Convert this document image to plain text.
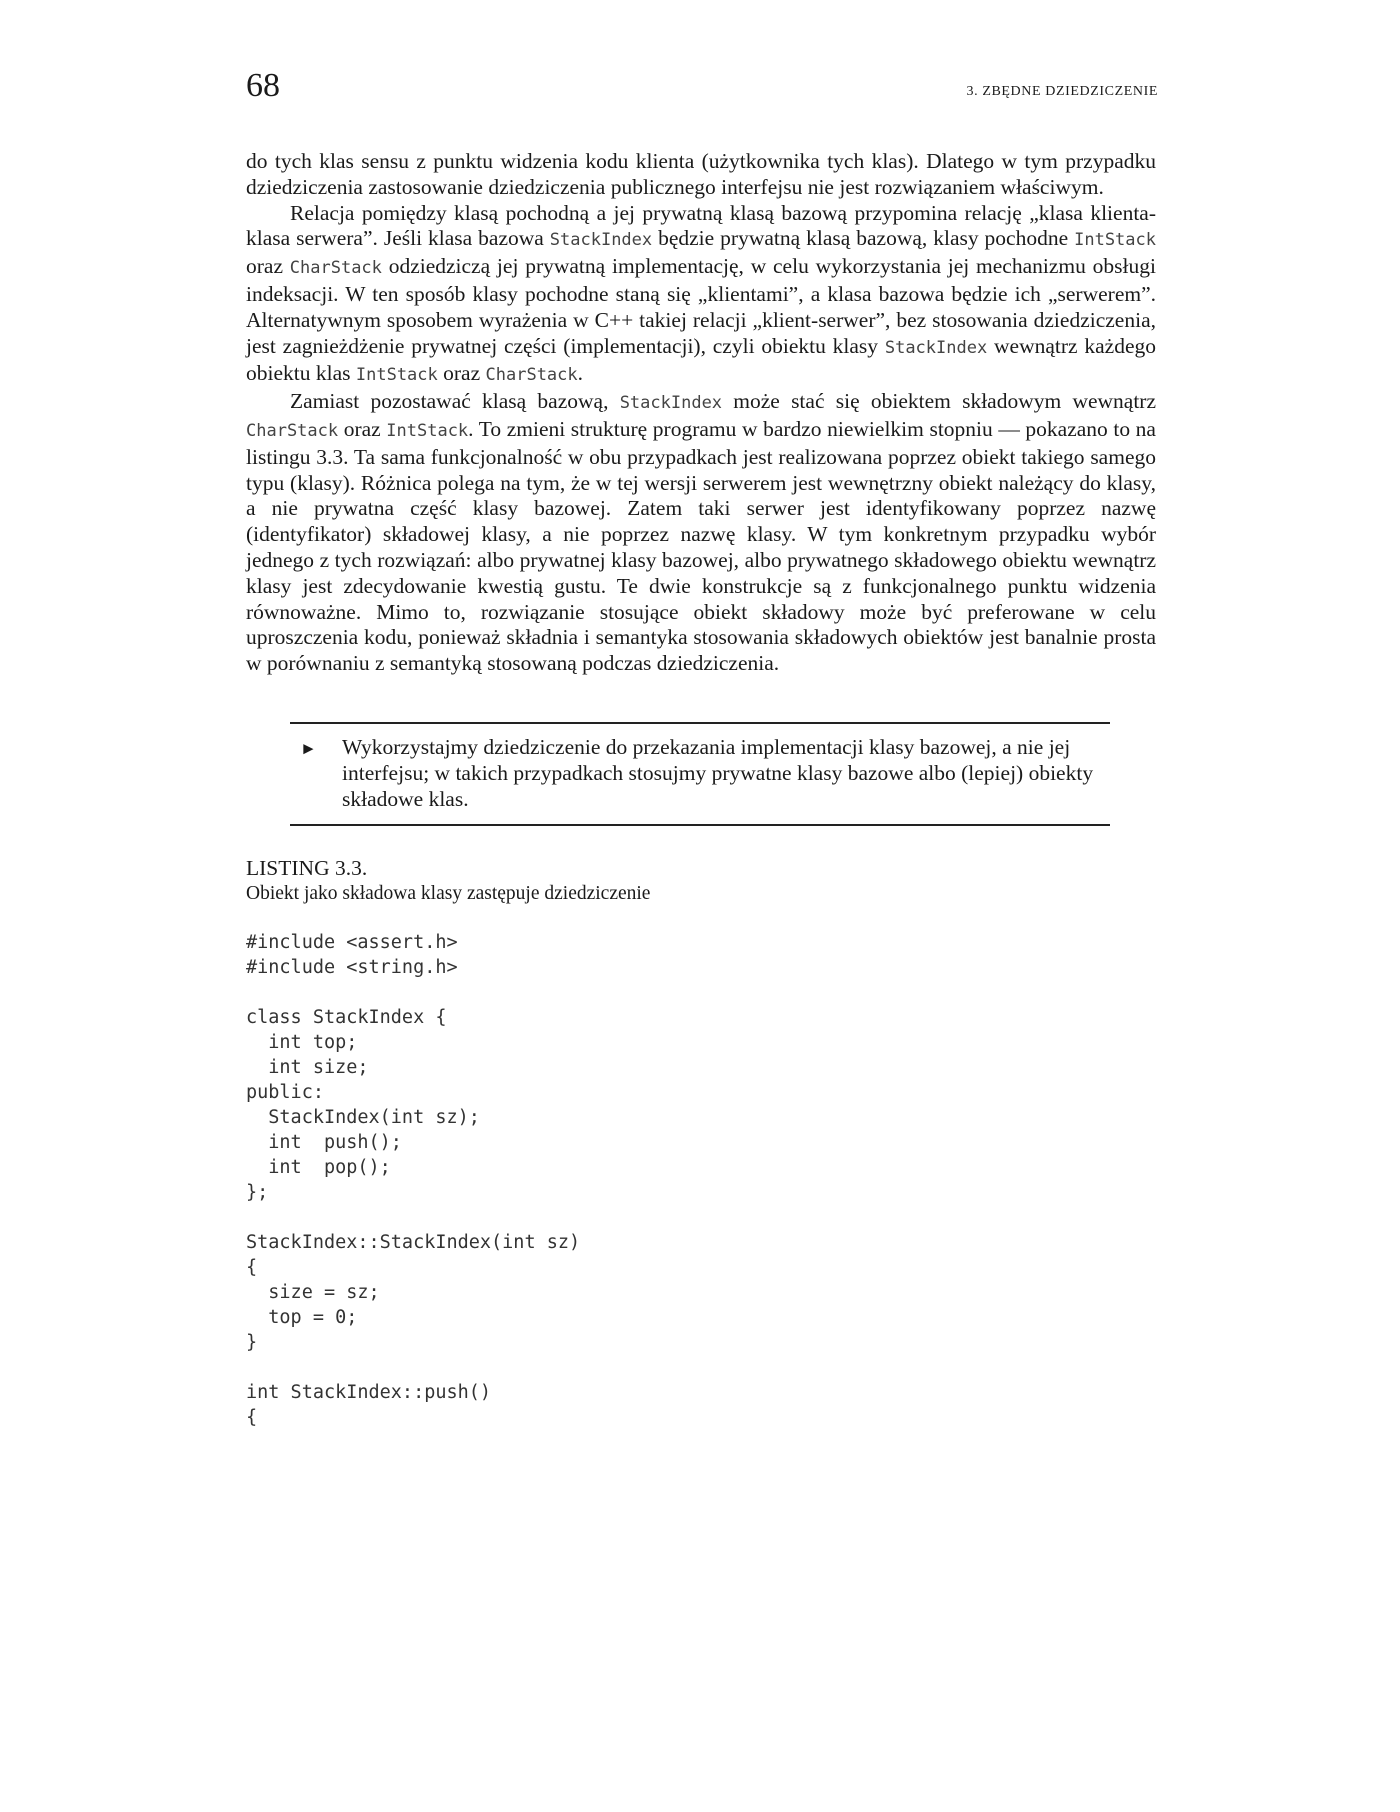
68	3. ZBĘDNE DZIEDZICZENIE

do tych klas sensu z punktu widzenia kodu klienta (użytkownika tych klas). Dlatego w tym przypadku dziedziczenia zastosowanie dziedziczenia publicznego interfejsu nie jest rozwiązaniem właściwym.

Relacja pomiędzy klasą pochodną a jej prywatną klasą bazową przypomina relację „klasa klienta-klasa serwera”. Jeśli klasa bazowa StackIndex będzie prywatną klasą bazową, klasy pochodne IntStack oraz CharStack odziedziczą jej prywatną implementację, w celu wykorzystania jej mechanizmu obsługi indeksacji. W ten sposób klasy pochodne staną się „klientami”, a klasa bazowa będzie ich „serwerem”. Alternatywnym sposobem wyrażenia w C++ takiej relacji „klient-serwer”, bez stosowania dziedziczenia, jest zagnieżdżenie prywatnej części (implementacji), czyli obiektu klasy StackIndex wewnątrz każdego obiektu klas IntStack oraz CharStack.

Zamiast pozostawać klasą bazową, StackIndex może stać się obiektem składowym wewnątrz CharStack oraz IntStack. To zmieni strukturę programu w bardzo niewielkim stopniu — pokazano to na listingu 3.3. Ta sama funkcjonalność w obu przypadkach jest realizowana poprzez obiekt takiego samego typu (klasy). Różnica polega na tym, że w tej wersji serwerem jest wewnętrzny obiekt należący do klasy, a nie prywatna część klasy bazowej. Zatem taki serwer jest identyfikowany poprzez nazwę (identyfikator) składowej klasy, a nie poprzez nazwę klasy. W tym konkretnym przypadku wybór jednego z tych rozwiązań: albo prywatnej klasy bazowej, albo prywatnego składowego obiektu wewnątrz klasy jest zdecydowanie kwestią gustu. Te dwie konstrukcje są z funkcjonalnego punktu widzenia równoważne. Mimo to, rozwiązanie stosujące obiekt składowy może być preferowane w celu uproszczenia kodu, ponieważ składnia i semantyka stosowania składowych obiektów jest banalnie prosta w porównaniu z semantyką stosowaną podczas dziedziczenia.

► Wykorzystajmy dziedziczenie do przekazania implementacji klasy bazowej, a nie jej interfejsu; w takich przypadkach stosujmy prywatne klasy bazowe albo (lepiej) obiekty składowe klas.
LISTING 3.3.
Obiekt jako składowa klasy zastępuje dziedziczenie
#include <assert.h>
#include <string.h>
class StackIndex {
int top;
int size;
public:
StackIndex(int sz);
int  push();
int  pop();
};
StackIndex::StackIndex(int sz)
{
size = sz;
top = 0;
}
int StackIndex::push()
{
